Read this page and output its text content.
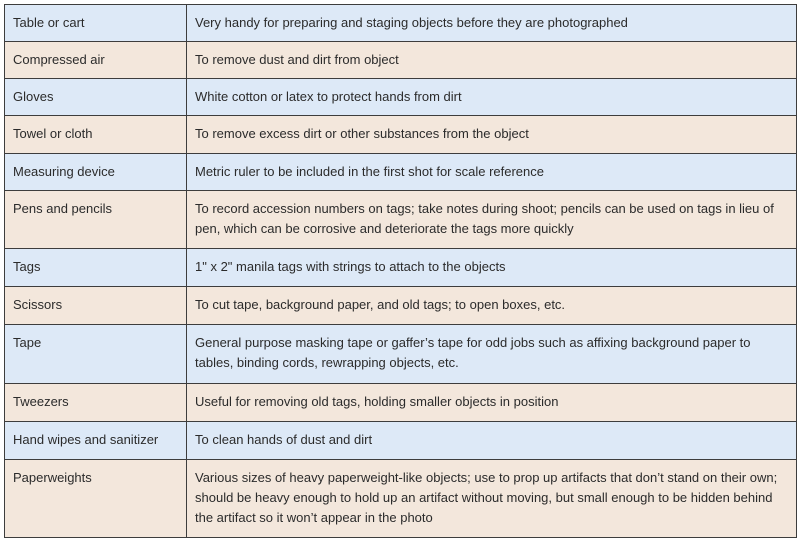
Table or cart	Very handy for preparing and staging objects before they are photographed
Compressed air	To remove dust and dirt from object
Gloves	White cotton or latex to protect hands from dirt
Towel or cloth	To remove excess dirt or other substances from the object
Measuring device	Metric ruler to be included in the first shot for scale reference
Pens and pencils	To record accession numbers on tags; take notes during shoot; pencils can be used on tags in lieu of pen, which can be corrosive and deteriorate the tags more quickly
Tags	1" x 2" manila tags with strings to attach to the objects
Scissors	To cut tape, background paper, and old tags; to open boxes, etc.
Tape	General purpose masking tape or gaffer’s tape for odd jobs such as affixing background paper to tables, binding cords, rewrapping objects, etc.
Tweezers	Useful for removing old tags, holding smaller objects in position
Hand wipes and sanitizer	To clean hands of dust and dirt
Paperweights	Various sizes of heavy paperweight-like objects; use to prop up artifacts that don’t stand on their own; should be heavy enough to hold up an artifact without moving, but small enough to be hidden behind the artifact so it won’t appear in the photo
